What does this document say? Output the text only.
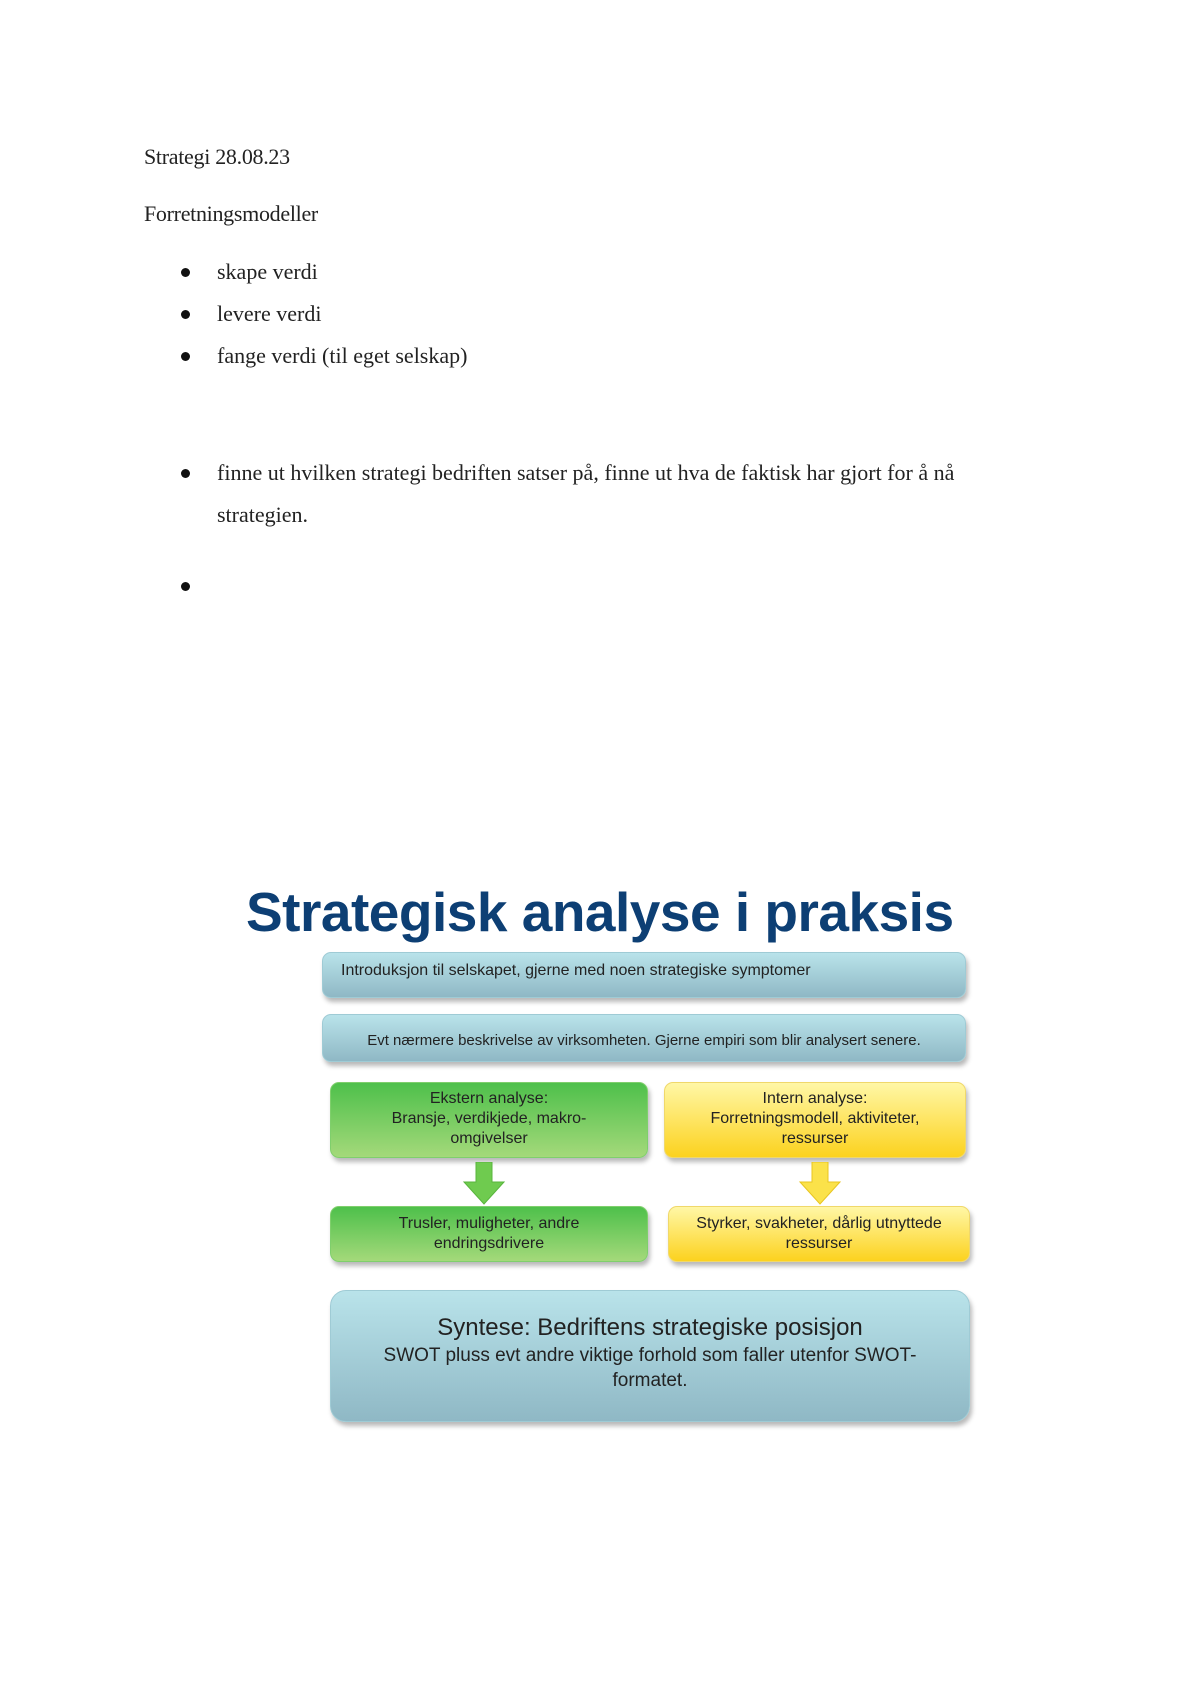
Strategi 28.08.23
Forretningsmodeller
skape verdi
levere verdi
fange verdi (til eget selskap)
finne ut hvilken strategi bedriften satser på, finne ut hva de faktisk har gjort for å nå
strategien.
Strategisk analyse i praksis
Introduksjon til selskapet, gjerne med noen strategiske symptomer
Evt nærmere beskrivelse av virksomheten. Gjerne empiri som blir analysert senere.
Ekstern analyse:
Bransje, verdikjede, makro-
omgivelser
Intern analyse:
Forretningsmodell, aktiviteter,
ressurser
Trusler, muligheter, andre
endringsdrivere
Styrker, svakheter, dårlig utnyttede
ressurser
Syntese: Bedriftens strategiske posisjon
SWOT pluss evt andre viktige forhold som faller utenfor SWOT-formatet.
